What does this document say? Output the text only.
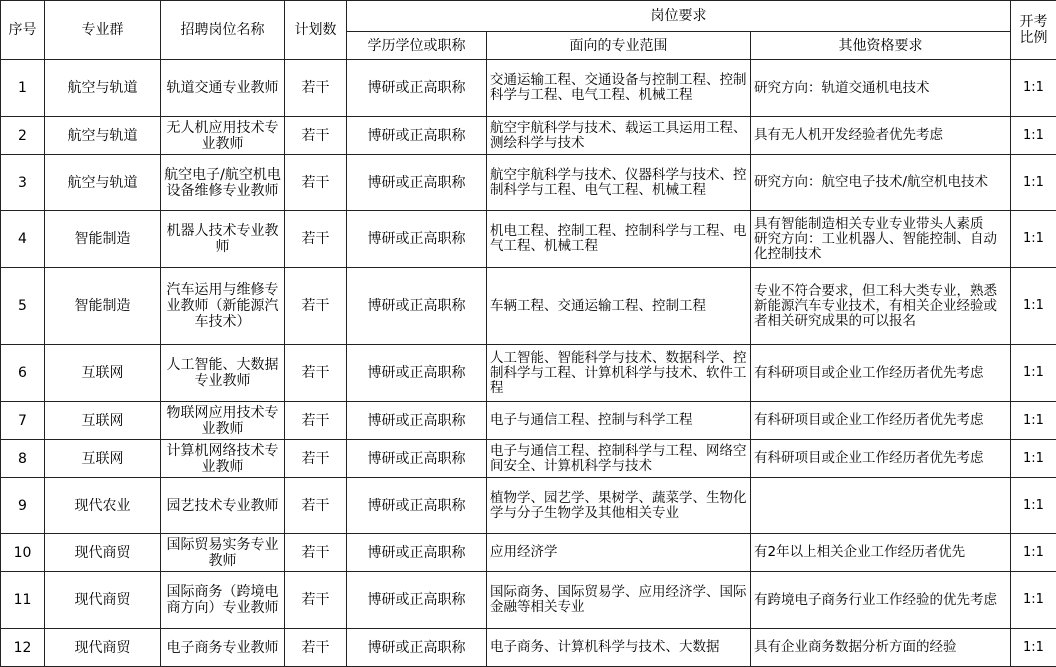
序号	专业群	招聘岗位名称	计划数	岗位要求			开考比例
				学历学位或职称	面向的专业范围	其他资格要求	
1	航空与轨道	轨道交通专业教师	若干	博研或正高职称	交通运输工程、交通设备与控制工程、控制科学与工程、电气工程、机械工程	研究方向：轨道交通机电技术	1:1
2	航空与轨道	无人机应用技术专业教师	若干	博研或正高职称	航空宇航科学与技术、载运工具运用工程、测绘科学与技术	具有无人机开发经验者优先考虑	1:1
3	航空与轨道	航空电子/航空机电设备维修专业教师	若干	博研或正高职称	航空宇航科学与技术、仪器科学与技术、控制科学与工程、电气工程、机械工程	研究方向：航空电子技术/航空机电技术	1:1
4	智能制造	机器人技术专业教师	若干	博研或正高职称	机电工程、控制工程、控制科学与工程、电气工程、机械工程	具有智能制造相关专业专业带头人素质　研究方向：工业机器人、智能控制、自动化控制技术	1:1
5	智能制造	汽车运用与维修专业教师（新能源汽车技术）	若干	博研或正高职称	车辆工程、交通运输工程、控制工程	专业不符合要求，但工科大类专业，熟悉新能源汽车专业技术，有相关企业经验或者相关研究成果的可以报名	1:1
6	互联网	人工智能、大数据专业教师	若干	博研或正高职称	人工智能、智能科学与技术、数据科学、控制科学与工程、计算机科学与技术、软件工程	有科研项目或企业工作经历者优先考虑	1:1
7	互联网	物联网应用技术专业教师	若干	博研或正高职称	电子与通信工程、控制与科学工程	有科研项目或企业工作经历者优先考虑	1:1
8	互联网	计算机网络技术专业教师	若干	博研或正高职称	电子与通信工程、控制科学与工程、网络空间安全、计算机科学与技术	有科研项目或企业工作经历者优先考虑	1:1
9	现代农业	园艺技术专业教师	若干	博研或正高职称	植物学、园艺学、果树学、蔬菜学、生物化学与分子生物学及其他相关专业		1:1
10	现代商贸	国际贸易实务专业教师	若干	博研或正高职称	应用经济学	有2年以上相关企业工作经历者优先	1:1
11	现代商贸	国际商务（跨境电商方向）专业教师	若干	博研或正高职称	国际商务、国际贸易学、应用经济学、国际金融等相关专业	有跨境电子商务行业工作经验的优先考虑	1:1
12	现代商贸	电子商务专业教师	若干	博研或正高职称	电子商务、计算机科学与技术、大数据	具有企业商务数据分析方面的经验	1:1
